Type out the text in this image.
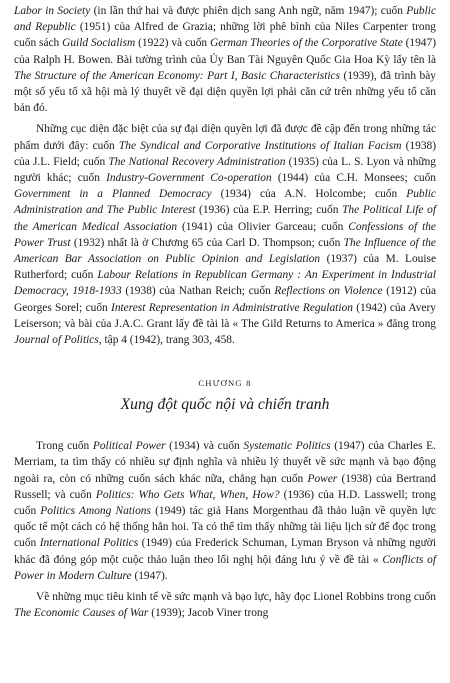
Labor in Society (in lần thứ hai và được phiên dịch sang Anh ngữ, năm 1947); cuốn Public and Republic (1951) của Alfred de Grazia; những lời phê bình của Niles Carpenter trong cuốn sách Guild Socialism (1922) và cuốn German Theories of the Corporative State (1947) của Ralph H. Bowen. Bài tường trình của Ủy Ban Tài Nguyên Quốc Gia Hoa Kỳ lấy tên là The Structure of the American Economy: Part I, Basic Characteristics (1939), đã trình bày một số yếu tố xã hội mà lý thuyết về đại diện quyền lợi phải căn cứ trên những yếu tố căn bản đó.

Những cục diện đặc biệt của sự đại diện quyền lợi đã được đề cập đến trong những tác phẩm dưới đây: cuốn The Syndical and Corporative Institutions of Italian Facism (1938) của J.L. Field; cuốn The National Recovery Administration (1935) của L. S. Lyon và những người khác; cuốn Industry-Government Co-operation (1944) của C.H. Monsees; cuốn Government in a Planned Democracy (1934) của A.N. Holcombe; cuốn Public Administration and The Public Interest (1936) của E.P. Herring; cuốn The Political Life of the American Medical Association (1941) của Olivier Garceau; cuốn Confessions of the Power Trust (1932) nhất là ở Chương 65 của Carl D. Thompson; cuốn The Influence of the American Bar Association on Public Opinion and Legislation (1937) của M. Louise Rutherford; cuốn Labour Relations in Republican Germany : An Experiment in Industrial Democracy, 1918-1933 (1938) của Nathan Reich; cuốn Reflections on Violence (1912) của Georges Sorel; cuốn Interest Representation in Administrative Regulation (1942) của Avery Leiserson; và bài của J.A.C. Grant lấy đề tài là « The Gild Returns to America » đăng trong Journal of Politics, tập 4 (1942), trang 303, 458.

CHƯƠNG 8
Xung đột quốc nội và chiến tranh

Trong cuốn Political Power (1934) và cuốn Systematic Politics (1947) của Charles E. Merriam, ta tìm thấy có nhiều sự định nghĩa và nhiều lý thuyết về sức mạnh và bạo động ngoài ra, còn có những cuốn sách khác nữa, chẳng hạn cuốn Power (1938) của Bertrand Russell; và cuốn Politics: Who Gets What, When, How? (1936) của H.D. Lasswell; trong cuốn Politics Among Nations (1949) tác giả Hans Morgenthau đã thảo luận về quyền lực quốc tế một cách có hệ thống hẳn hoi. Ta có thể tìm thấy những tài liệu lịch sử để đọc trong cuốn International Politics (1949) của Frederick Schuman, Lyman Bryson và những người khác đã đóng góp một cuộc thảo luận theo lối nghị hội đáng lưu ý về đề tài « Conflicts of Power in Modern Culture (1947).

Về những mục tiêu kinh tế về sức mạnh và bạo lực, hãy đọc Lionel Robbins trong cuốn The Economic Causes of War (1939); Jacob Viner trong
